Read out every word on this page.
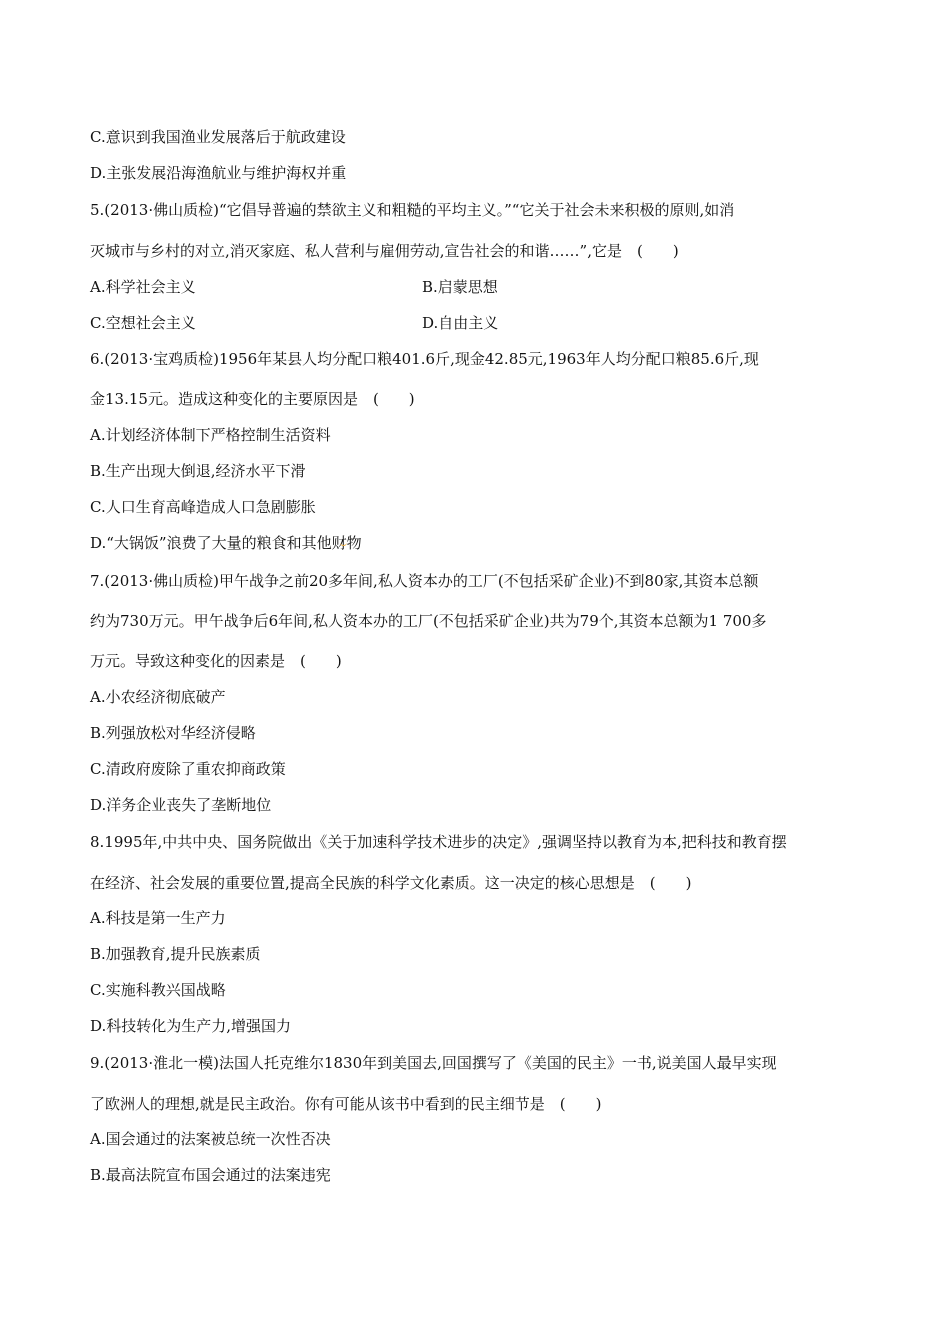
C.意识到我国渔业发展落后于航政建设
D.主张发展沿海渔航业与维护海权并重
5.(2013·佛山质检)“它倡导普遍的禁欲主义和粗糙的平均主义。”“它关于社会未来积极的原则,如消
灭城市与乡村的对立,消灭家庭、私人营利与雇佣劳动,宣告社会的和谐……”,它是　(　　)
A.科学社会主义	B.启蒙思想
C.空想社会主义	D.自由主义
6.(2013·宝鸡质检)1956年某县人均分配口粮401.6斤,现金42.85元,1963年人均分配口粮85.6斤,现
金13.15元。造成这种变化的主要原因是　(　　)
A.计划经济体制下严格控制生活资料
B.生产出现大倒退,经济水平下滑
C.人口生育高峰造成人口急剧膨胀
D.“大锅饭”浪费了大量的粮食和其他财物
7.(2013·佛山质检)甲午战争之前20多年间,私人资本办的工厂(不包括采矿企业)不到80家,其资本总额
约为730万元。甲午战争后6年间,私人资本办的工厂(不包括采矿企业)共为79个,其资本总额为1 700多
万元。导致这种变化的因素是　(　　)
A.小农经济彻底破产
B.列强放松对华经济侵略
C.清政府废除了重农抑商政策
D.洋务企业丧失了垄断地位
8.1995年,中共中央、国务院做出《关于加速科学技术进步的决定》,强调坚持以教育为本,把科技和教育摆
在经济、社会发展的重要位置,提高全民族的科学文化素质。这一决定的核心思想是　(　　)
A.科技是第一生产力
B.加强教育,提升民族素质
C.实施科教兴国战略
D.科技转化为生产力,增强国力
9.(2013·淮北一模)法国人托克维尔1830年到美国去,回国撰写了《美国的民主》一书,说美国人最早实现
了欧洲人的理想,就是民主政治。你有可能从该书中看到的民主细节是　(　　)
A.国会通过的法案被总统一次性否决
B.最高法院宣布国会通过的法案违宪
